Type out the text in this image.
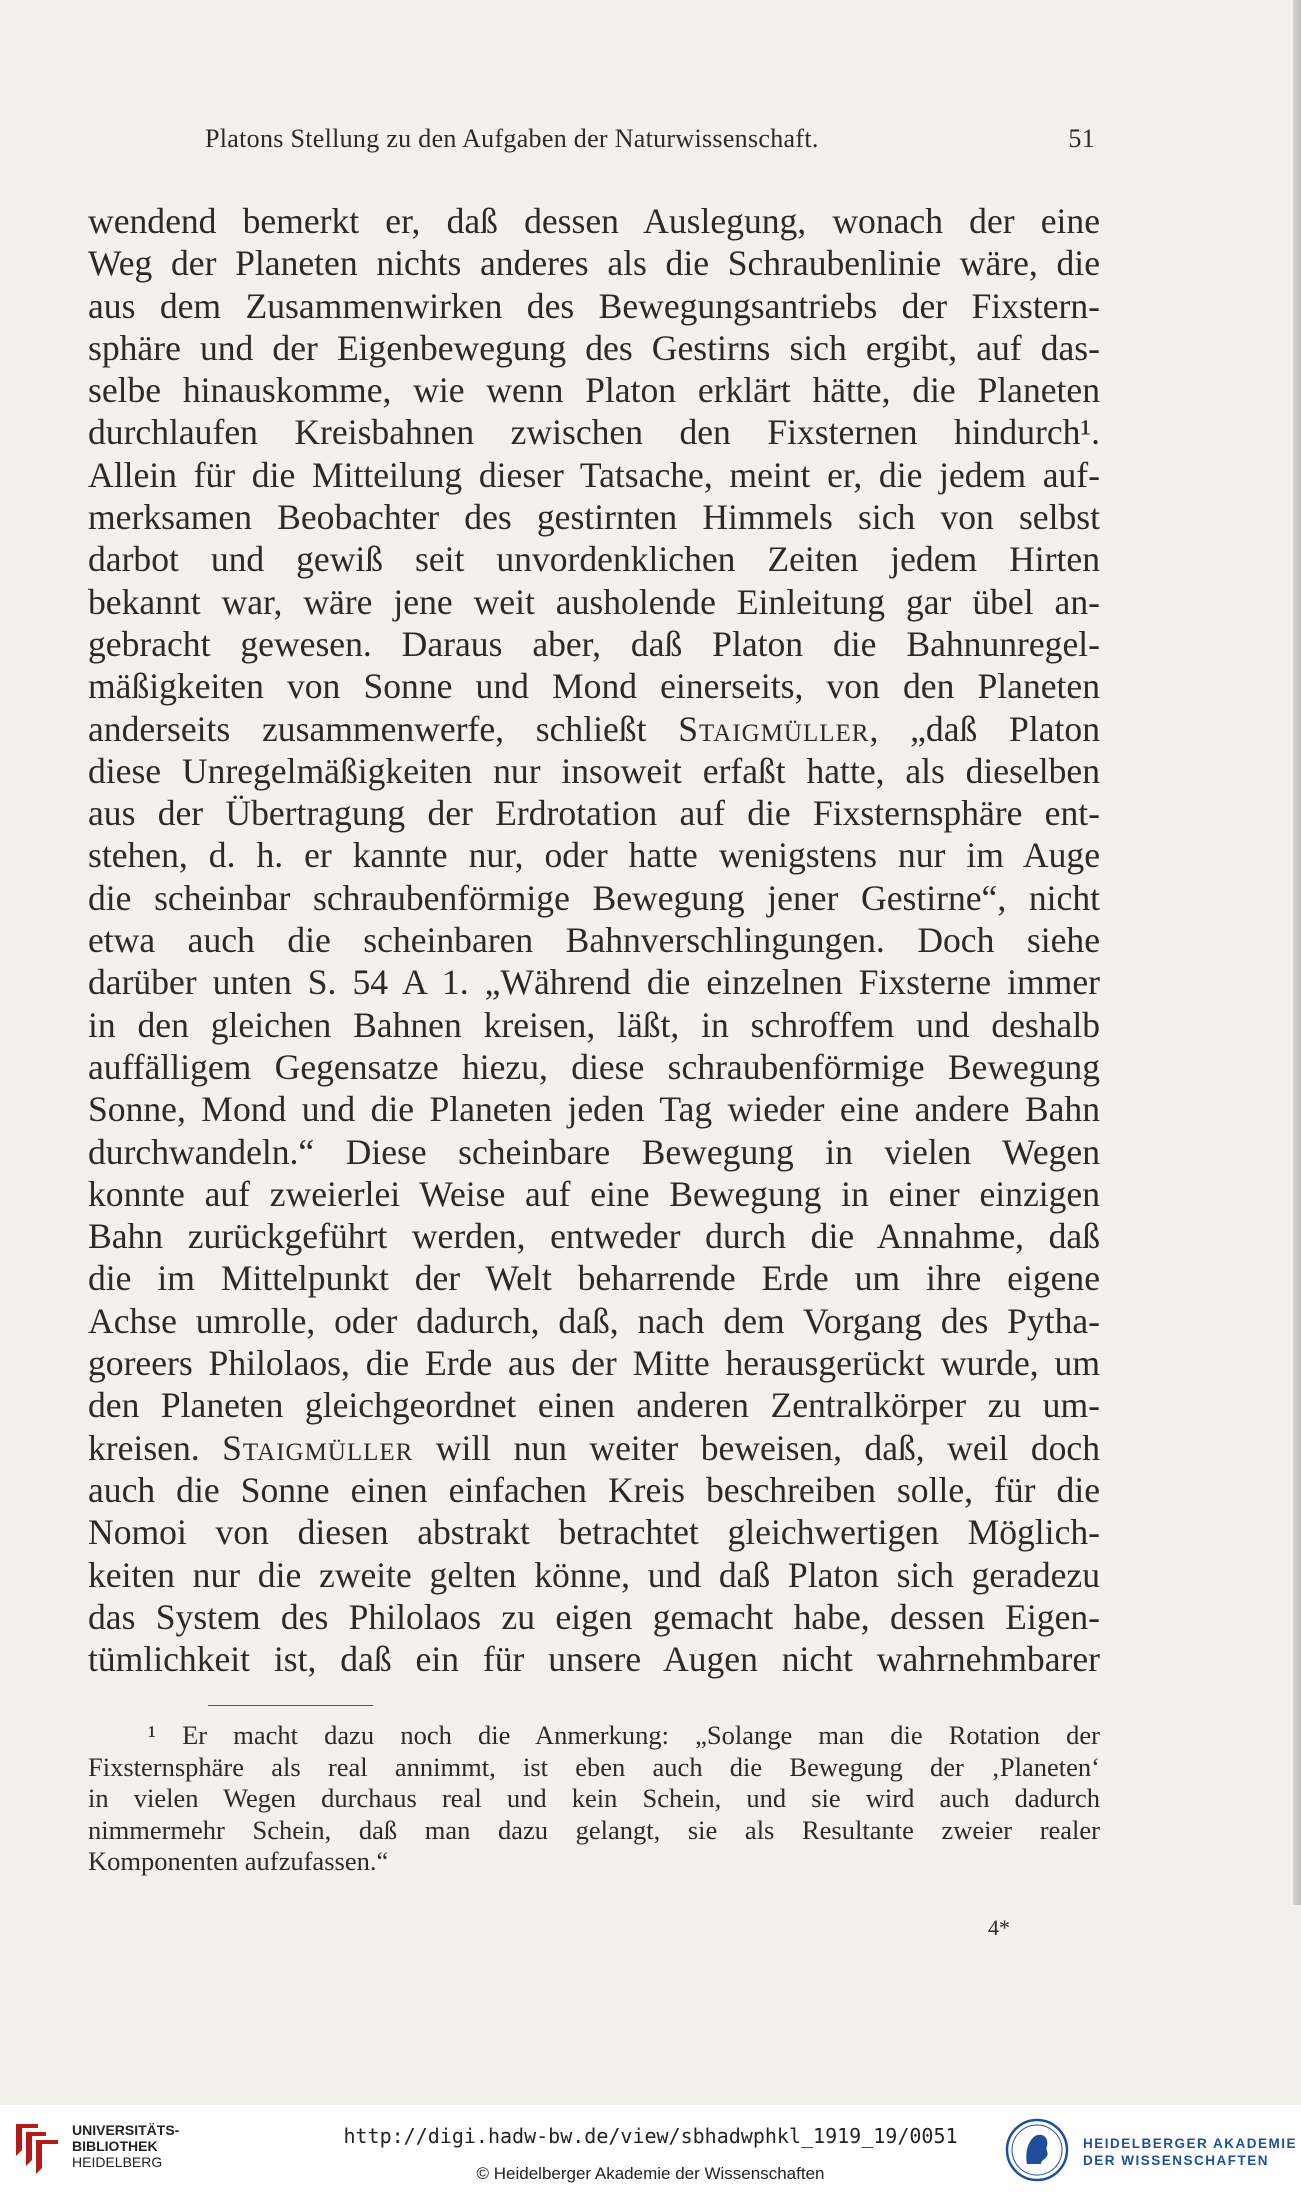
Platons Stellung zu den Aufgaben der Naturwissenschaft.	51
wendend bemerkt er, daß dessen Auslegung, wonach der eine
Weg der Planeten nichts anderes als die Schraubenlinie wäre, die
aus dem Zusammenwirken des Bewegungsantriebs der Fixstern-
sphäre und der Eigenbewegung des Gestirns sich ergibt, auf das-
selbe hinauskomme, wie wenn Platon erklärt hätte, die Planeten
durchlaufen Kreisbahnen zwischen den Fixsternen hindurch¹.
Allein für die Mitteilung dieser Tatsache, meint er, die jedem auf-
merksamen Beobachter des gestirnten Himmels sich von selbst
darbot und gewiß seit unvordenklichen Zeiten jedem Hirten
bekannt war, wäre jene weit ausholende Einleitung gar übel an-
gebracht gewesen. Daraus aber, daß Platon die Bahnunregel-
mäßigkeiten von Sonne und Mond einerseits, von den Planeten
anderseits zusammenwerfe, schließt Staigmüller, „daß Platon
diese Unregelmäßigkeiten nur insoweit erfaßt hatte, als dieselben
aus der Übertragung der Erdrotation auf die Fixsternsphäre ent-
stehen, d. h. er kannte nur, oder hatte wenigstens nur im Auge
die scheinbar schraubenförmige Bewegung jener Gestirne“, nicht
etwa auch die scheinbaren Bahnverschlingungen. Doch siehe
darüber unten S. 54 A 1. „Während die einzelnen Fixsterne immer
in den gleichen Bahnen kreisen, läßt, in schroffem und deshalb
auffälligem Gegensatze hiezu, diese schraubenförmige Bewegung
Sonne, Mond und die Planeten jeden Tag wieder eine andere Bahn
durchwandeln.“ Diese scheinbare Bewegung in vielen Wegen
konnte auf zweierlei Weise auf eine Bewegung in einer einzigen
Bahn zurückgeführt werden, entweder durch die Annahme, daß
die im Mittelpunkt der Welt beharrende Erde um ihre eigene
Achse umrolle, oder dadurch, daß, nach dem Vorgang des Pytha-
goreers Philolaos, die Erde aus der Mitte herausgerückt wurde, um
den Planeten gleichgeordnet einen anderen Zentralkörper zu um-
kreisen. Staigmüller will nun weiter beweisen, daß, weil doch
auch die Sonne einen einfachen Kreis beschreiben solle, für die
Nomoi von diesen abstrakt betrachtet gleichwertigen Möglich-
keiten nur die zweite gelten könne, und daß Platon sich geradezu
das System des Philolaos zu eigen gemacht habe, dessen Eigen-
tümlichkeit ist, daß ein für unsere Augen nicht wahrnehmbarer
¹ Er macht dazu noch die Anmerkung: „Solange man die Rotation der
Fixsternsphäre als real annimmt, ist eben auch die Bewegung der ‚Planeten‘
in vielen Wegen durchaus real und kein Schein, und sie wird auch dadurch
nimmermehr Schein, daß man dazu gelangt, sie als Resultante zweier realer
Komponenten aufzufassen.“
4*
UNIVERSITÄTS-
BIBLIOTHEK
HEIDELBERG
http://digi.hadw-bw.de/view/sbhadwphkl_1919_19/0051
© Heidelberger Akademie der Wissenschaften
HEIDELBERGER AKADEMIE
DER WISSENSCHAFTEN
